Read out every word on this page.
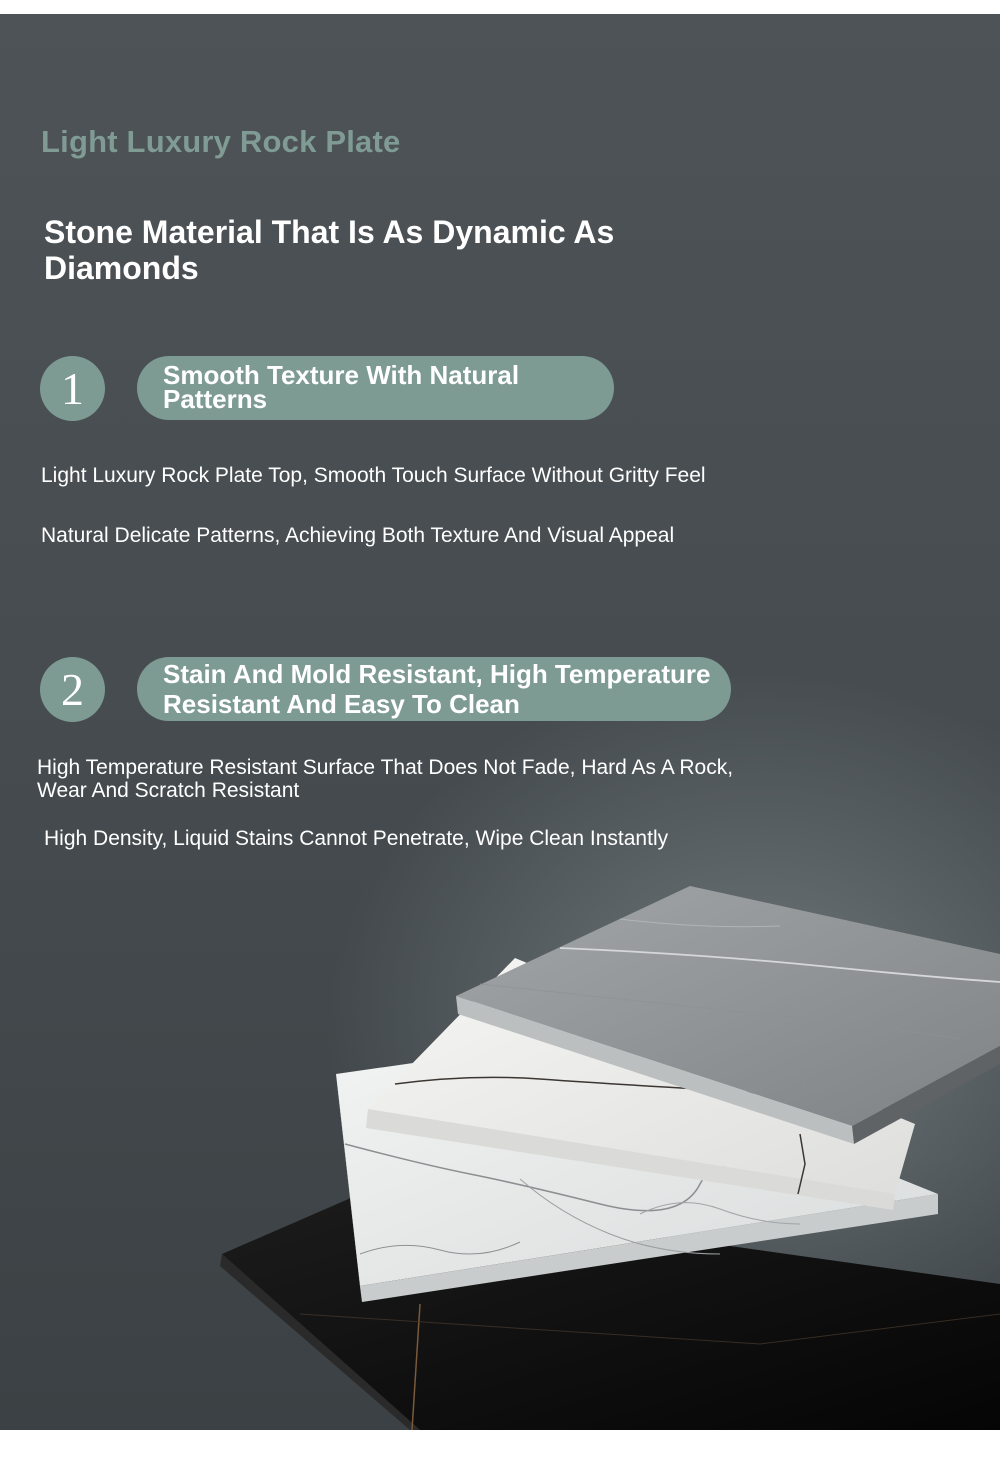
Light Luxury Rock Plate
Stone Material That Is As Dynamic As Diamonds
1	Smooth Texture With Natural Patterns
Light Luxury Rock Plate Top, Smooth Touch Surface Without Gritty Feel
Natural Delicate Patterns, Achieving Both Texture And Visual Appeal
2	Stain And Mold Resistant, High Temperature Resistant And Easy To Clean
High Temperature Resistant Surface That Does Not Fade, Hard As A Rock, Wear And Scratch Resistant
High Density, Liquid Stains Cannot Penetrate, Wipe Clean Instantly
